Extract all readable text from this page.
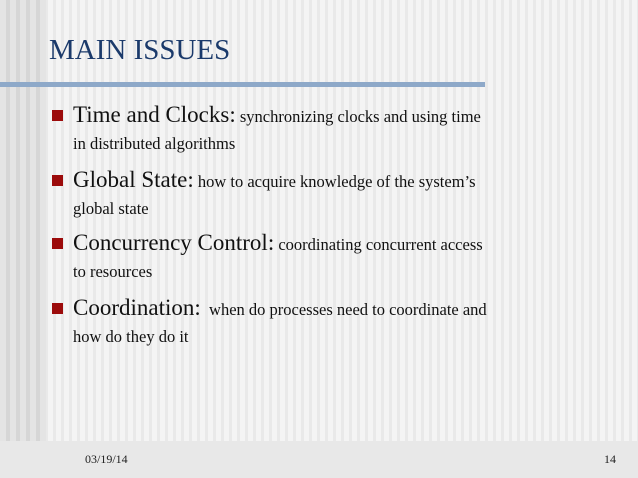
MAIN ISSUES
Time and Clocks: synchronizing clocks and using time
in distributed algorithms
Global State: how to acquire knowledge of the system’s
global state
Concurrency Control: coordinating concurrent access
to resources
Coordination:  when do processes need to coordinate and
how do they do it
03/19/14	14
